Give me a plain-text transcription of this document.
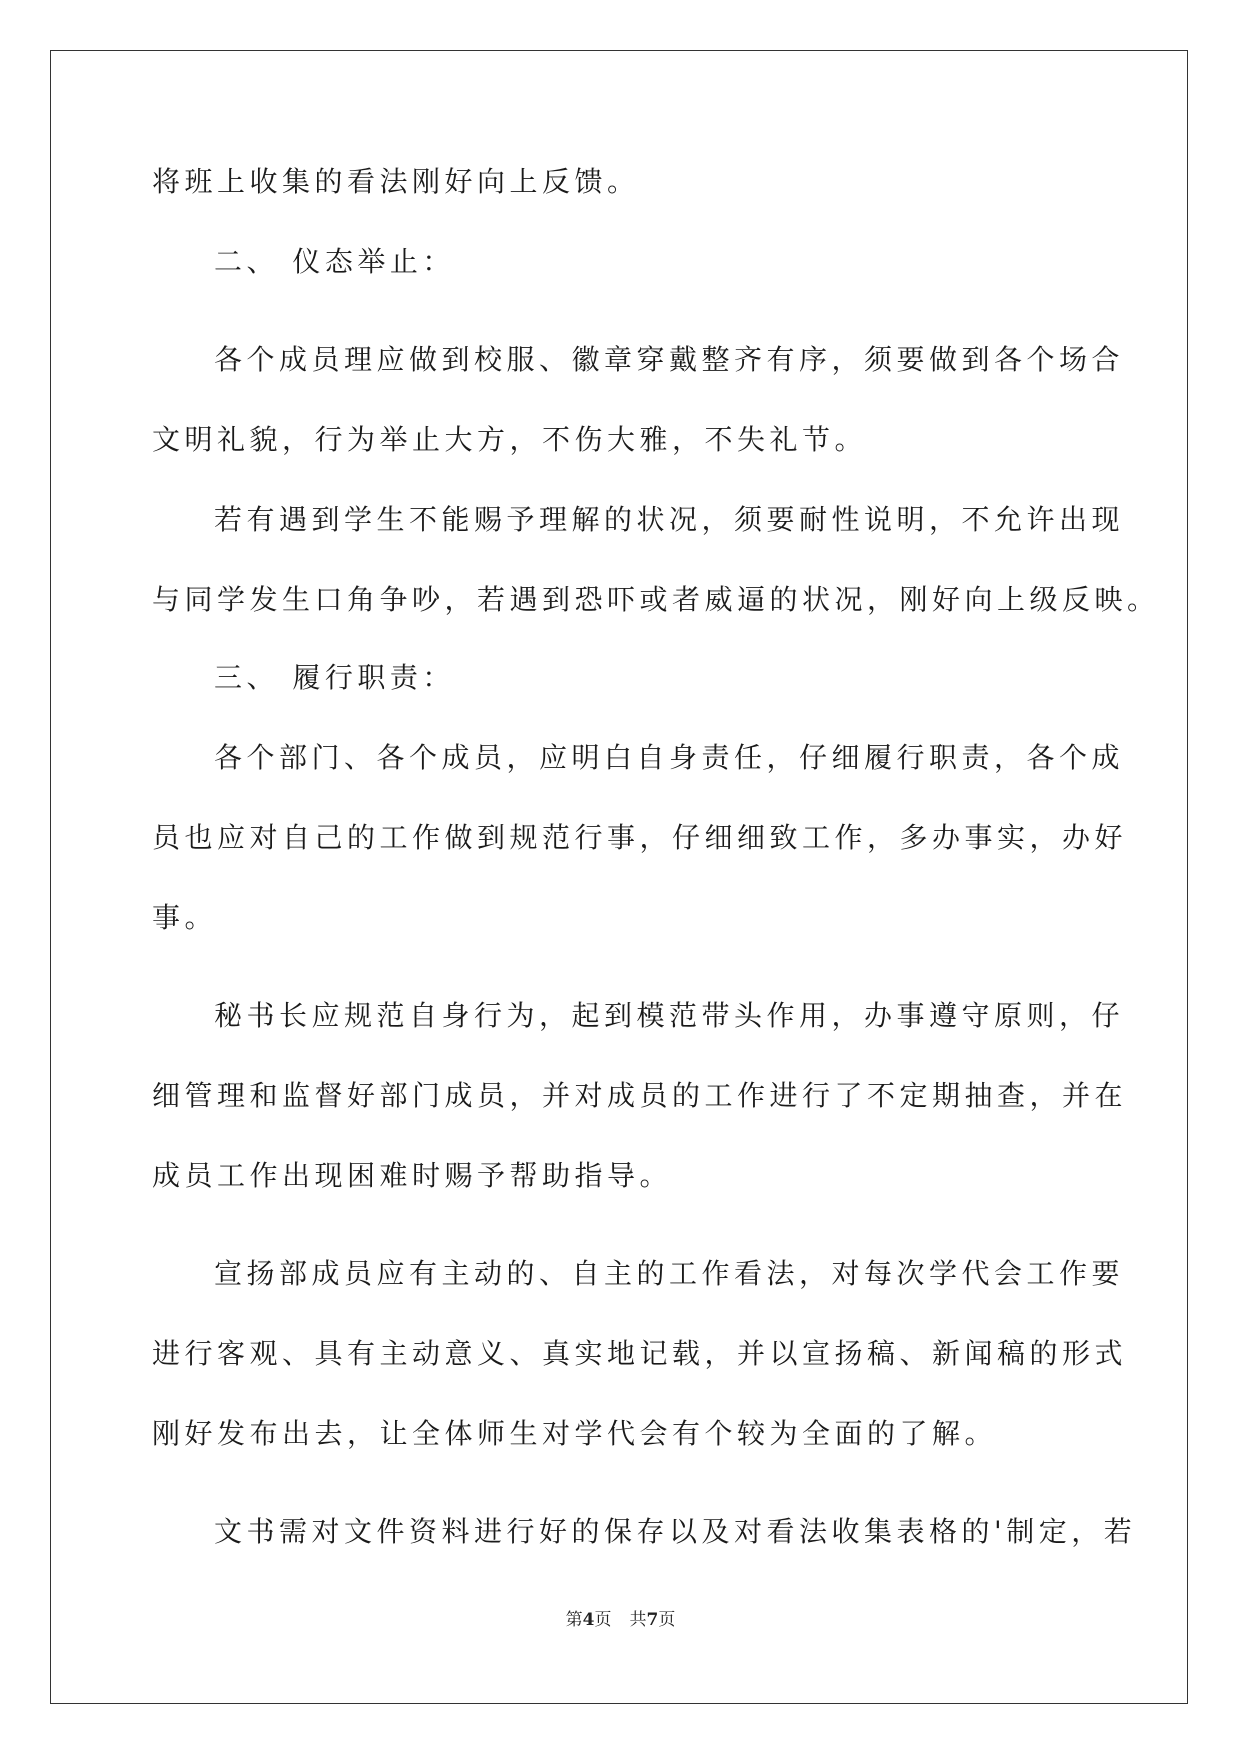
将班上收集的看法刚好向上反馈。
二、 仪态举止：
各个成员理应做到校服、徽章穿戴整齐有序，须要做到各个场合
文明礼貌，行为举止大方，不伤大雅，不失礼节。
若有遇到学生不能赐予理解的状况，须要耐性说明，不允许出现
与同学发生口角争吵，若遇到恐吓或者威逼的状况，刚好向上级反映。
三、 履行职责：
各个部门、各个成员，应明白自身责任，仔细履行职责，各个成
员也应对自己的工作做到规范行事，仔细细致工作，多办事实，办好
事。
秘书长应规范自身行为，起到模范带头作用，办事遵守原则，仔
细管理和监督好部门成员，并对成员的工作进行了不定期抽查，并在
成员工作出现困难时赐予帮助指导。
宣扬部成员应有主动的、自主的工作看法，对每次学代会工作要
进行客观、具有主动意义、真实地记载，并以宣扬稿、新闻稿的形式
刚好发布出去，让全体师生对学代会有个较为全面的了解。
文书需对文件资料进行好的保存以及对看法收集表格的'制定，若
第4页 共7页
